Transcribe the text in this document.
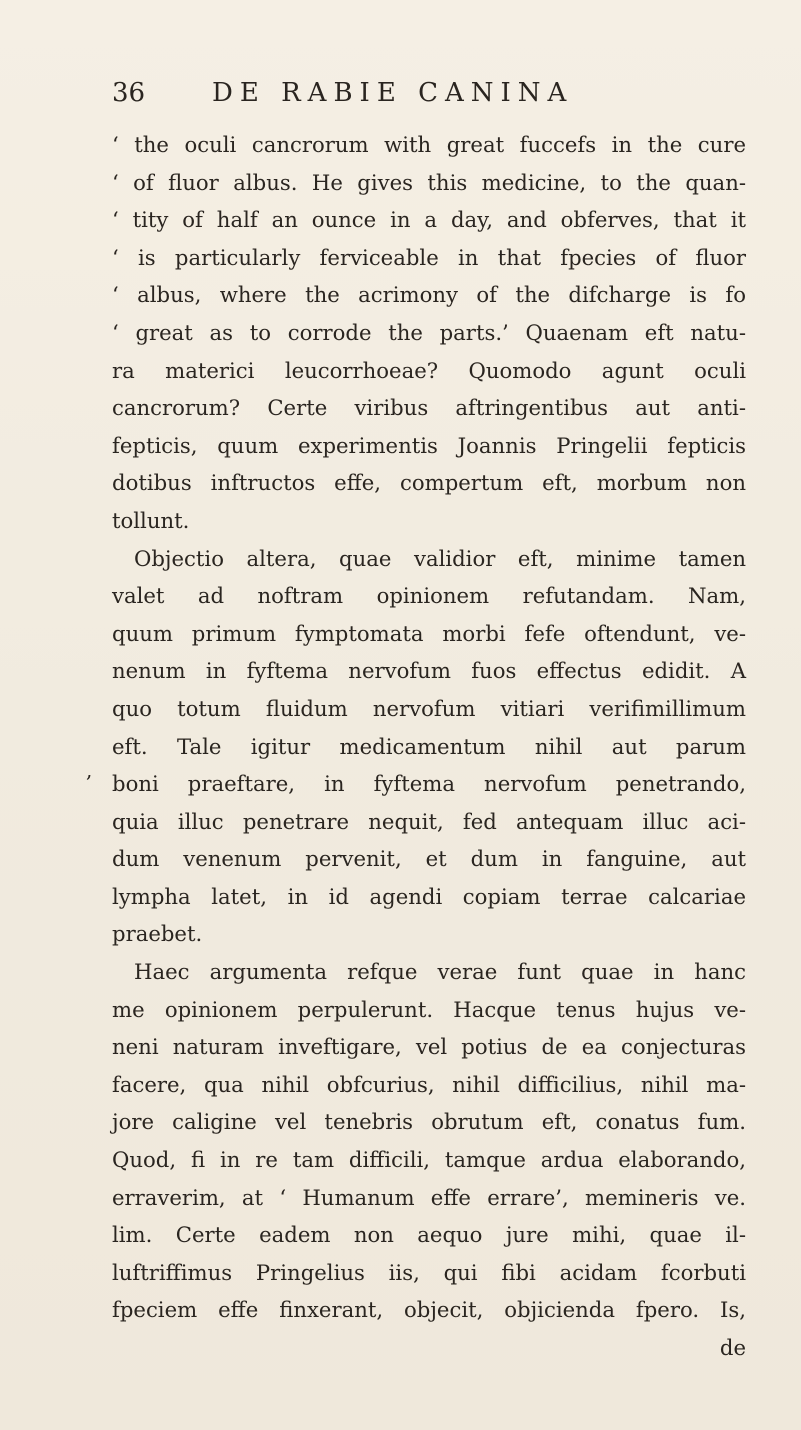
36	DE RABIE CANINA
,
‘ the oculi cancrorum with great fuccefs in the cure
‘ of fluor albus. He gives this medicine, to the quan-
‘ tity of half an ounce in a day, and obferves, that it
‘ is particularly ferviceable in that fpecies of fluor
‘ albus, where the acrimony of the difcharge is fo
‘ great as to corrode the parts.’ Quaenam eft natu-
ra materici leucorrhoeae? Quomodo agunt oculi
cancrorum? Certe viribus aftringentibus aut anti-
fepticis, quum experimentis Joannis Pringelii fepticis
dotibus inftructos effe, compertum eft, morbum non
tollunt.
Objectio altera, quae validior eft, minime tamen
valet ad noftram opinionem refutandam. Nam,
quum primum fymptomata morbi fefe oftendunt, ve-
nenum in fyftema nervofum fuos effectus edidit. A
quo totum fluidum nervofum vitiari verifimillimum
eft. Tale igitur medicamentum nihil aut parum
boni praeftare, in fyftema nervofum penetrando,
quia illuc penetrare nequit, fed antequam illuc aci-
dum venenum pervenit, et dum in fanguine, aut
lympha latet, in id agendi copiam terrae calcariae
praebet.
Haec argumenta refque verae funt quae in hanc
me opinionem perpulerunt. Hacque tenus hujus ve-
neni naturam inveftigare, vel potius de ea conjecturas
facere, qua nihil obfcurius, nihil difficilius, nihil ma-
jore caligine vel tenebris obrutum eft, conatus fum.
Quod, fi in re tam difficili, tamque ardua elaborando,
erraverim, at ‘ Humanum effe errare’, memineris ve.
lim. Certe eadem non aequo jure mihi, quae il-
luftriffimus Pringelius iis, qui fibi acidam fcorbuti
fpeciem effe finxerant, objecit, objicienda fpero. Is,
de
